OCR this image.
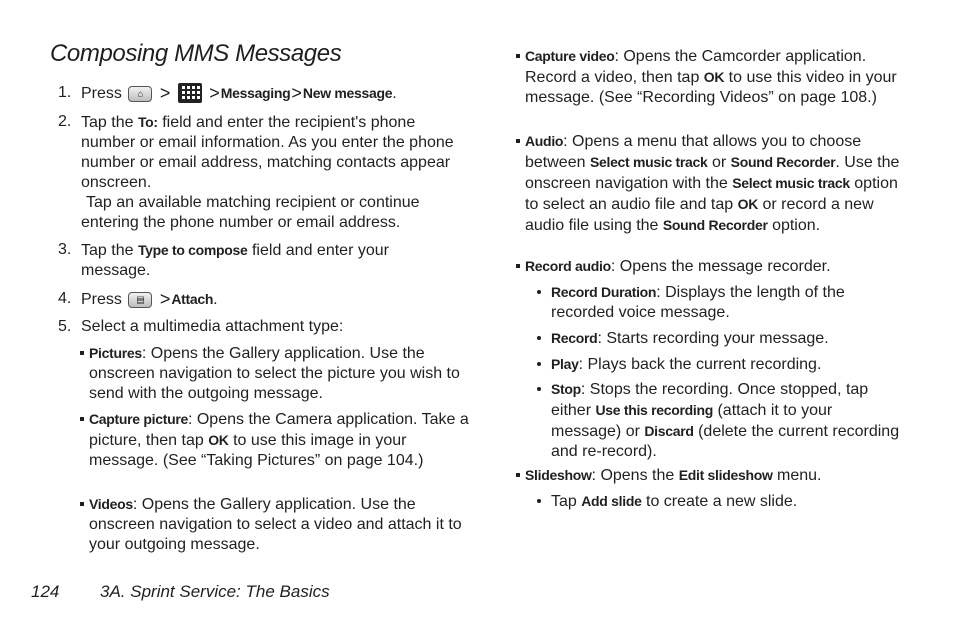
Composing MMS Messages
1. Press ⌂ > >Messaging>New message.
2. Tap the To: field and enter the recipient's phone number or email information. As you enter the phone number or email address, matching contacts appear onscreen.

Tap an available matching recipient or continue entering the phone number or email address.

3. Tap the Type to compose field and enter your message.
4. Press ▤ >Attach.
5. Select a multimedia attachment type:
Pictures: Opens the Gallery application. Use the onscreen navigation to select the picture you wish to send with the outgoing message.
Capture picture: Opens the Camera application. Take a picture, then tap OK to use this image in your message. (See “Taking Pictures” on page 104.)
Videos: Opens the Gallery application. Use the onscreen navigation to select a video and attach it to your outgoing message.
Capture video: Opens the Camcorder application. Record a video, then tap OK to use this video in your message. (See “Recording Videos” on page 108.)
Audio: Opens a menu that allows you to choose between Select music track or Sound Recorder. Use the onscreen navigation with the Select music track option to select an audio file and tap OK or record a new audio file using the Sound Recorder option.
Record audio: Opens the message recorder.
Record Duration: Displays the length of the recorded voice message.
Record: Starts recording your message.
Play: Plays back the current recording.
Stop: Stops the recording. Once stopped, tap either Use this recording (attach it to your message) or Discard (delete the current recording and re-record).
Slideshow: Opens the Edit slideshow menu.
Tap Add slide to create a new slide.
124 3A. Sprint Service: The Basics
